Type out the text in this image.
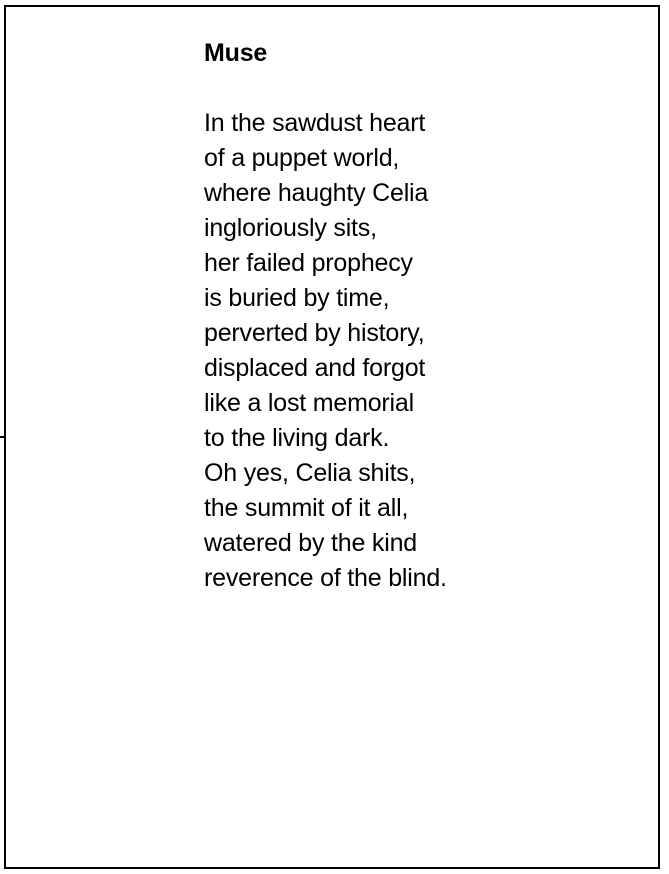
Muse
In the sawdust heart
of a puppet world,
where haughty Celia
ingloriously sits,
her failed prophecy
is buried by time,
perverted by history,
displaced and forgot
like a lost memorial
to the living dark.
Oh yes, Celia shits,
the summit of it all,
watered by the kind
reverence of the blind.
